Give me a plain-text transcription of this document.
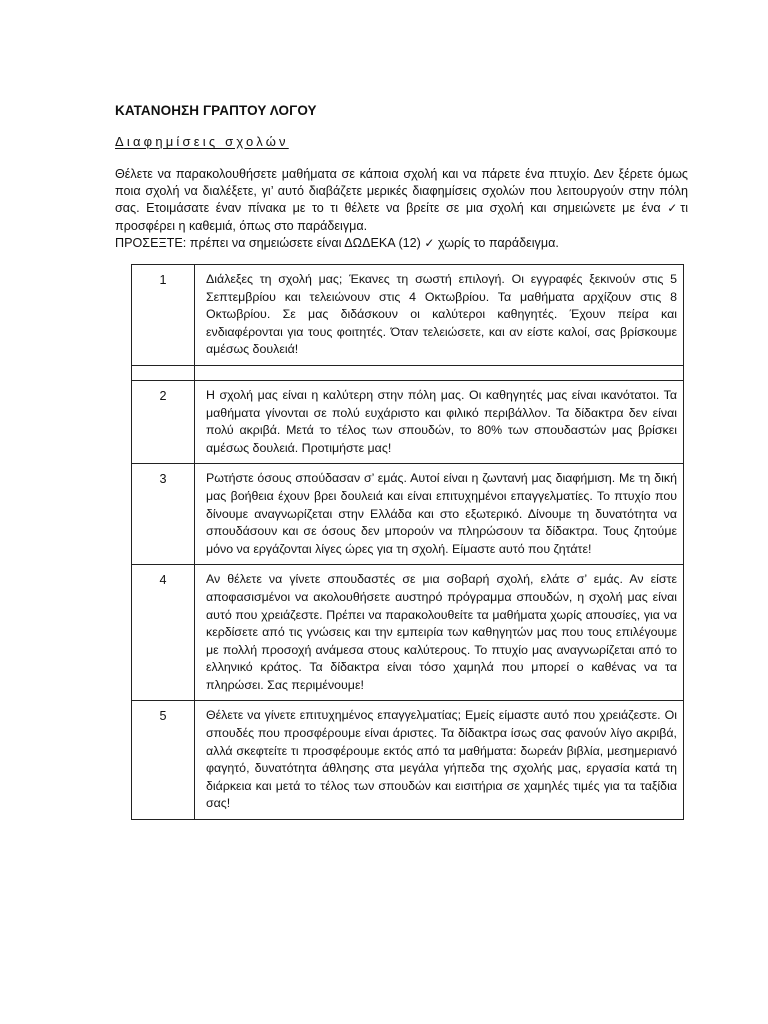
ΚΑΤΑΝΟΗΣΗ ΓΡΑΠΤΟΥ ΛΟΓΟΥ
Διαφημίσεις σχολών

Θέλετε να παρακολουθήσετε μαθήματα σε κάποια σχολή και να πάρετε ένα πτυχίο. Δεν ξέρετε όμως ποια σχολή να διαλέξετε, γι’ αυτό διαβάζετε μερικές διαφημίσεις σχολών που λειτουργούν στην πόλη σας. Ετοιμάσατε έναν πίνακα με το τι θέλετε να βρείτε σε μια σχολή και σημειώνετε με ένα ✓τι προσφέρει η καθεμιά, όπως στο παράδειγμα.

ΠΡΟΣΕΞΤΕ: πρέπει να σημειώσετε είναι ΔΩΔΕΚΑ (12) ✓ χωρίς το παράδειγμα.

1	Διάλεξες τη σχολή μας; Έκανες τη σωστή επιλογή. Οι εγγραφές ξεκινούν στις 5 Σεπτεμβρίου και τελειώνουν στις 4 Οκτωβρίου. Τα μαθήματα αρχίζουν στις 8 Οκτωβρίου. Σε μας διδάσκουν οι καλύτεροι καθηγητές. Έχουν πείρα και ενδιαφέρονται για τους φοιτητές. Όταν τελειώσετε, και αν είστε καλοί, σας βρίσκουμε αμέσως δουλειά!

2	Η σχολή μας είναι η καλύτερη στην πόλη μας. Οι καθηγητές μας είναι ικανότατοι. Τα μαθήματα γίνονται σε πολύ ευχάριστο και φιλικό περιβάλλον. Τα δίδακτρα δεν είναι πολύ ακριβά. Μετά το τέλος των σπουδών, το 80% των σπουδαστών μας βρίσκει αμέσως δουλειά. Προτιμήστε μας!
3	Ρωτήστε όσους σπούδασαν σ’ εμάς. Αυτοί είναι η ζωντανή μας διαφήμιση. Με τη δική μας βοήθεια έχουν βρει δουλειά και είναι επιτυχημένοι επαγγελματίες. Το πτυχίο που δίνουμε αναγνωρίζεται στην Ελλάδα και στο εξωτερικό. Δίνουμε τη δυνατότητα να σπουδάσουν και σε όσους δεν μπορούν να πληρώσουν τα δίδακτρα. Τους ζητούμε μόνο να εργάζονται λίγες ώρες για τη σχολή. Είμαστε αυτό που ζητάτε!
4	Αν θέλετε να γίνετε σπουδαστές σε μια σοβαρή σχολή, ελάτε σ’ εμάς. Αν είστε αποφασισμένοι να ακολουθήσετε αυστηρό πρόγραμμα σπουδών, η σχολή μας είναι αυτό που χρειάζεστε. Πρέπει να παρακολουθείτε τα μαθήματα χωρίς απουσίες, για να κερδίσετε από τις γνώσεις και την εμπειρία των καθηγητών μας που τους επιλέγουμε με πολλή προσοχή ανάμεσα στους καλύτερους. Το πτυχίο μας αναγνωρίζεται από το ελληνικό κράτος. Τα δίδακτρα είναι τόσο χαμηλά που μπορεί ο καθένας να τα πληρώσει. Σας περιμένουμε!
5	Θέλετε να γίνετε επιτυχημένος επαγγελματίας; Εμείς είμαστε αυτό που χρειάζεστε. Οι σπουδές που προσφέρουμε είναι άριστες. Τα δίδακτρα ίσως σας φανούν λίγο ακριβά, αλλά σκεφτείτε τι προσφέρουμε εκτός από τα μαθήματα: δωρεάν βιβλία, μεσημεριανό φαγητό, δυνατότητα άθλησης στα μεγάλα γήπεδα της σχολής μας, εργασία κατά τη διάρκεια και μετά το τέλος των σπουδών και εισιτήρια σε χαμηλές τιμές για τα ταξίδια σας!
